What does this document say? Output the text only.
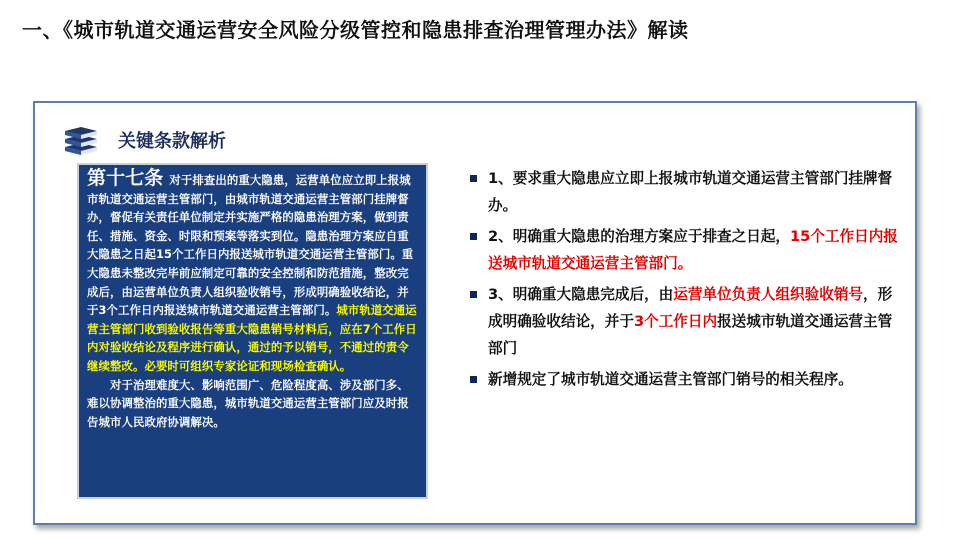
一、《城市轨道交通运营安全风险分级管控和隐患排查治理管理办法》解读
关键条款解析
第十七条 对于排查出的重大隐患，运营单位应立即上报城市轨道交通运营主管部门，由城市轨道交通运营主管部门挂牌督办，督促有关责任单位制定并实施严格的隐患治理方案，做到责任、措施、资金、时限和预案等落实到位。隐患治理方案应自重大隐患之日起15个工作日内报送城市轨道交通运营主管部门。重大隐患未整改完毕前应制定可靠的安全控制和防范措施，整改完成后，由运营单位负责人组织验收销号，形成明确验收结论，并于3个工作日内报送城市轨道交通运营主管部门。城市轨道交通运营主管部门收到验收报告等重大隐患销号材料后，应在7个工作日内对验收结论及程序进行确认，通过的予以销号，不通过的责令继续整改。必要时可组织专家论证和现场检查确认。
  对于治理难度大、影响范围广、危险程度高、涉及部门多、难以协调整治的重大隐患，城市轨道交通运营主管部门应及时报告城市人民政府协调解决。
1、要求重大隐患应立即上报城市轨道交通运营主管部门挂牌督办。
2、明确重大隐患的治理方案应于排查之日起，15个工作日内报送城市轨道交通运营主管部门。
3、明确重大隐患完成后，由运营单位负责人组织验收销号，形成明确验收结论，并于3个工作日内报送城市轨道交通运营主管部门
新增规定了城市轨道交通运营主管部门销号的相关程序。
